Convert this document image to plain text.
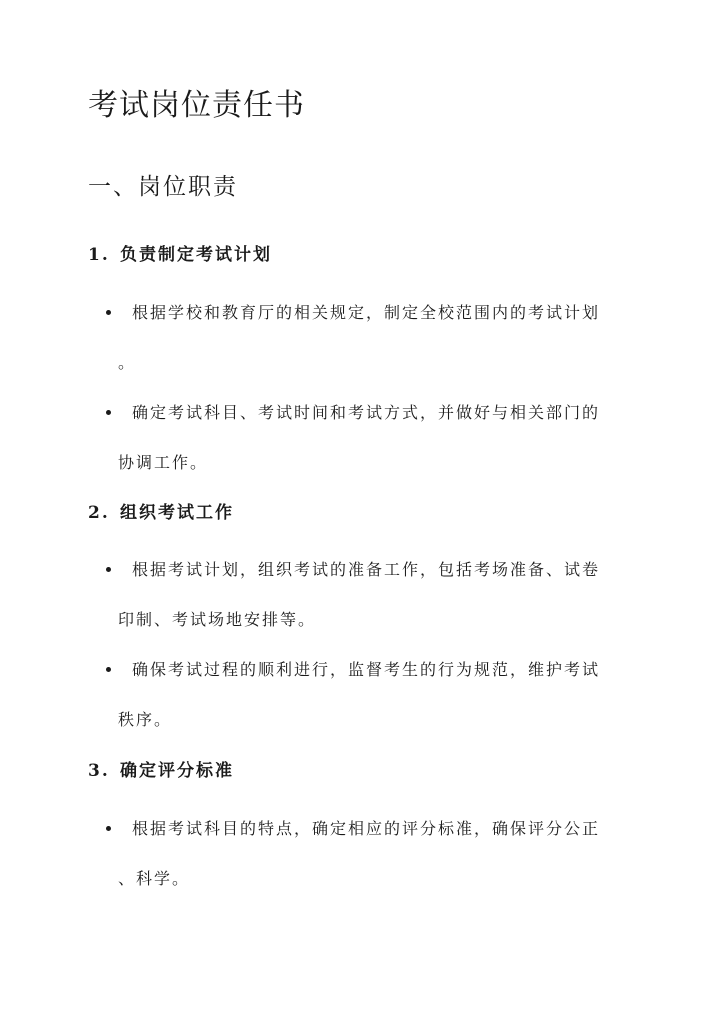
考试岗位责任书
一、岗位职责
1. 负责制定考试计划
根据学校和教育厅的相关规定，制定全校范围内的考试计划
。
确定考试科目、考试时间和考试方式，并做好与相关部门的
协调工作。
2. 组织考试工作
根据考试计划，组织考试的准备工作，包括考场准备、试卷
印制、考试场地安排等。
确保考试过程的顺利进行，监督考生的行为规范，维护考试
秩序。
3. 确定评分标准
根据考试科目的特点，确定相应的评分标准，确保评分公正
、科学。
